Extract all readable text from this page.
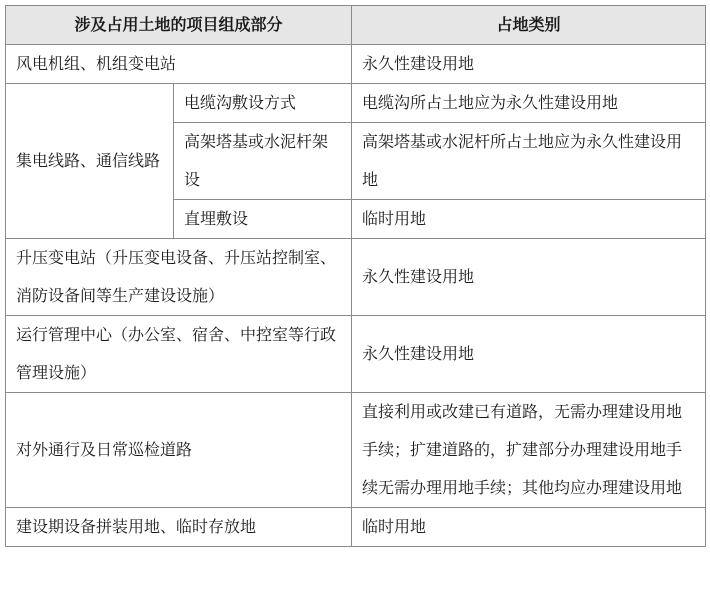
涉及占用土地的项目组成部分		占地类别
风电机组、机组变电站		永久性建设用地
集电线路、通信线路	电缆沟敷设方式	电缆沟所占土地应为永久性建设用地
	高架塔基或水泥杆架设	高架塔基或水泥杆所占土地应为永久性建设用地
	直埋敷设	临时用地
升压变电站（升压变电设备、升压站控制室、消防设备间等生产建设设施）		永久性建设用地
运行管理中心（办公室、宿舍、中控室等行政管理设施）		永久性建设用地
对外通行及日常巡检道路		直接利用或改建已有道路，无需办理建设用地手续；扩建道路的，扩建部分办理建设用地手续无需办理用地手续；其他均应办理建设用地
建设期设备拼装用地、临时存放地		临时用地
